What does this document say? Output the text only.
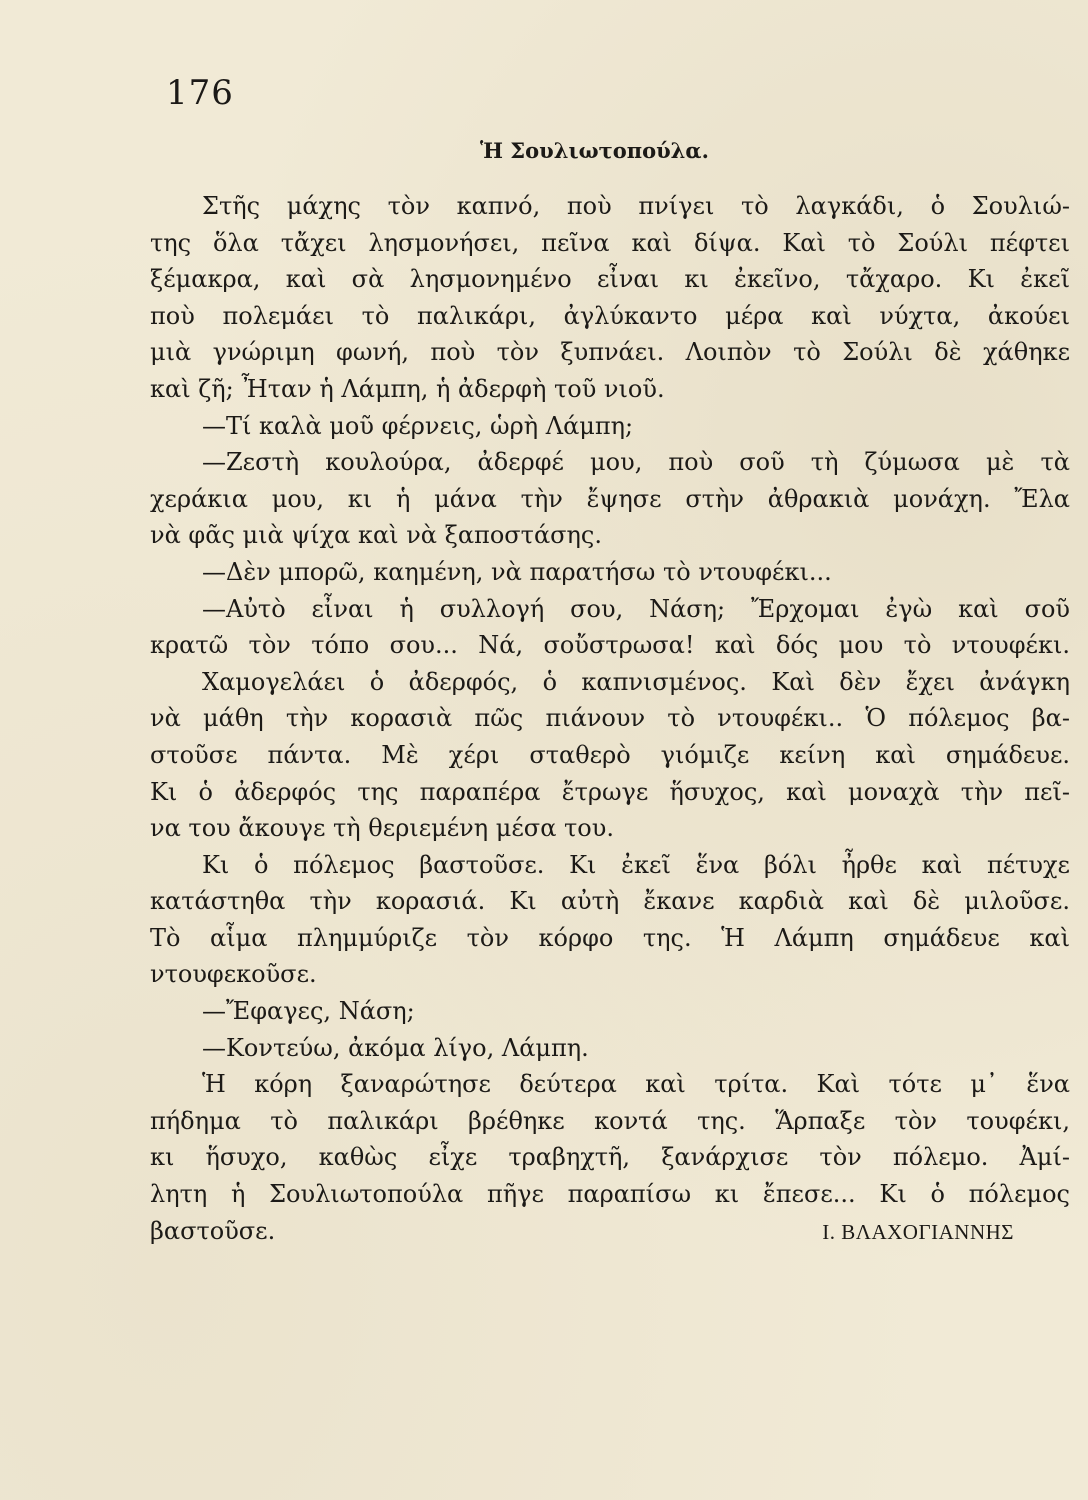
176
Ἡ Σουλιωτοπούλα.
Στῆς μάχης τὸν καπνό, ποὺ πνίγει τὸ λαγκάδι, ὁ Σουλιώ-
της ὅλα τἄχει λησμονήσει, πεῖνα καὶ δίψα. Καὶ τὸ Σούλι πέφτει
ξέμακρα, καὶ σὰ λησμονημένο εἶναι κι ἐκεῖνο, τἄχαρο. Κι ἐκεῖ
ποὺ πολεμάει τὸ παλικάρι, ἀγλύκαντο μέρα καὶ νύχτα, ἀκούει
μιὰ γνώριμη φωνή, ποὺ τὸν ξυπνάει. Λοιπὸν τὸ Σούλι δὲ χάθηκε
καὶ ζῆ; Ἦταν ἡ Λάμπη, ἡ ἀδερφὴ τοῦ νιοῦ.
—Τί καλὰ μοῦ φέρνεις, ὡρὴ Λάμπη;
—Ζεστὴ κουλούρα, ἀδερφέ μου, ποὺ σοῦ τὴ ζύμωσα μὲ τὰ
χεράκια μου, κι ἡ μάνα τὴν ἔψησε στὴν ἀθρακιὰ μονάχη. Ἔλα
νὰ φᾶς μιὰ ψίχα καὶ νὰ ξαποστάσης.
—Δὲν μπορῶ, καημένη, νὰ παρατήσω τὸ ντουφέκι...
—Αὐτὸ εἶναι ἡ συλλογή σου, Νάση; Ἔρχομαι ἐγὼ καὶ σοῦ
κρατῶ τὸν τόπο σου... Νά, σοὔστρωσα! καὶ δός μου τὸ ντουφέκι.
Χαμογελάει ὁ ἀδερφός, ὁ καπνισμένος. Καὶ δὲν ἔχει ἀνάγκη
νὰ μάθη τὴν κορασιὰ πῶς πιάνουν τὸ ντουφέκι.. Ὁ πόλεμος βα-
στοῦσε πάντα. Μὲ χέρι σταθερὸ γιόμιζε κείνη καὶ σημάδευε.
Κι ὁ ἀδερφός της παραπέρα ἔτρωγε ἥσυχος, καὶ μοναχὰ τὴν πεῖ-
να του ἄκουγε τὴ θεριεμένη μέσα του.
Κι ὁ πόλεμος βαστοῦσε. Κι ἐκεῖ ἕνα βόλι ἦρθε καὶ πέτυχε
κατάστηθα τὴν κορασιά. Κι αὐτὴ ἔκανε καρδιὰ καὶ δὲ μιλοῦσε.
Τὸ αἷμα πλημμύριζε τὸν κόρφο της. Ἡ Λάμπη σημάδευε καὶ
ντουφεκοῦσε.
—Ἔφαγες, Νάση;
—Κοντεύω, ἀκόμα λίγο, Λάμπη.
Ἡ κόρη ξαναρώτησε δεύτερα καὶ τρίτα. Καὶ τότε μ᾽ ἕνα
πήδημα τὸ παλικάρι βρέθηκε κοντά της. Ἅρπαξε τὸν τουφέκι,
κι ἥσυχο, καθὼς εἶχε τραβηχτῆ, ξανάρχισε τὸν πόλεμο. Ἀμί-
λητη ἡ Σουλιωτοπούλα πῆγε παραπίσω κι ἔπεσε... Κι ὁ πόλεμος
βαστοῦσε.	Ι. ΒΛΑΧΟΓΙΑΝΝΗΣ
